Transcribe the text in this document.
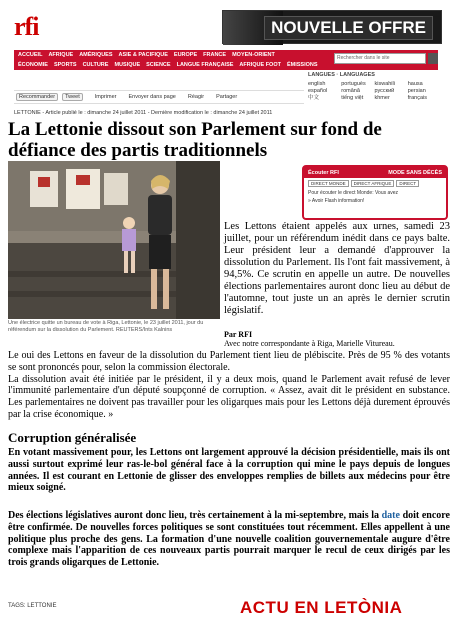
rfi	NOUVELLE OFFRE
ACCUEIL AFRIQUE AMÉRIQUES ASIE & PACIFIQUE EUROPE FRANCE MOYEN-ORIENT
ÉCONOMIE SPORTS CULTURE MUSIQUE SCIENCE LANGUE FRANÇAISE AFRIQUE FOOT ÉMISSIONS
Rechercher dans le site
LANGUES · LANGUAGES
english	portuguès	kiswahili	hausa
español	română	русский	persian
中文	tiếng việt	khmer	français
Recommander	Tweet	Imprimer Envoyer dans page Réagir Partager
LETTONIE - Article publié le : dimanche 24 juillet 2011 - Dernière modification le : dimanche 24 juillet 2011
La Lettonie dissout son Parlement sur fond de défiance des partis traditionnels
Une électrice quitte un bureau de vote à Riga, Lettonie, le 23 juillet 2011, jour du référendum sur la dissolution du Parlement. REUTERS/Ints Kalnins
Écouter RFI	MODE SANS DÉCÈS
DIRECT MONDE	DIRECT AFRIQUE	DIRECT
Pour écouter le direct Monde: Vous avez
» Avoir Flash information!

Les Lettons étaient appelés aux urnes, samedi 23 juillet, pour un référendum inédit dans ce pays balte. Leur président leur a demandé d'approuver la dissolution du Parlement. Ils l'ont fait massivement, à 94,5%. Ce scrutin en appelle un autre. De nouvelles élections parlementaires auront donc lieu au début de l'automne, tout juste un an après le dernier scrutin législatif.

Par RFI
Avec notre correspondante à Riga, Marielle Vitureau.

Le oui des Lettons en faveur de la dissolution du Parlement tient lieu de plébiscite. Près de 95 % des votants se sont prononcés pour, selon la commission électorale.

La dissolution avait été initiée par le président, il y a deux mois, quand le Parlement avait refusé de lever l'immunité parlementaire d'un député soupçonné de corruption. « Assez, avait dit le président en substance. Les parlementaires ne doivent pas travailler pour les oligarques mais pour les Lettons déjà durement éprouvés par la crise économique. »

Corruption généralisée

En votant massivement pour, les Lettons ont largement approuvé la décision présidentielle, mais ils ont aussi surtout exprimé leur ras-le-bol général face à la corruption qui mine le pays depuis de longues années. Il est courant en Lettonie de glisser des enveloppes remplies de billets aux médecins pour être mieux soigné.

Des élections législatives auront donc lieu, très certainement à la mi-septembre, mais la date doit encore être confirmée. De nouvelles forces politiques se sont constituées tout récemment. Elles appellent à une politique plus proche des gens. La formation d'une nouvelle coalition gouvernementale augure d'être complexe mais l'apparition de ces nouveaux partis pourrait marquer le recul de ceux dirigés par les trois grands oligarques de Lettonie.

TAGS: LETTONIE	ACTU EN LETÒNIA
